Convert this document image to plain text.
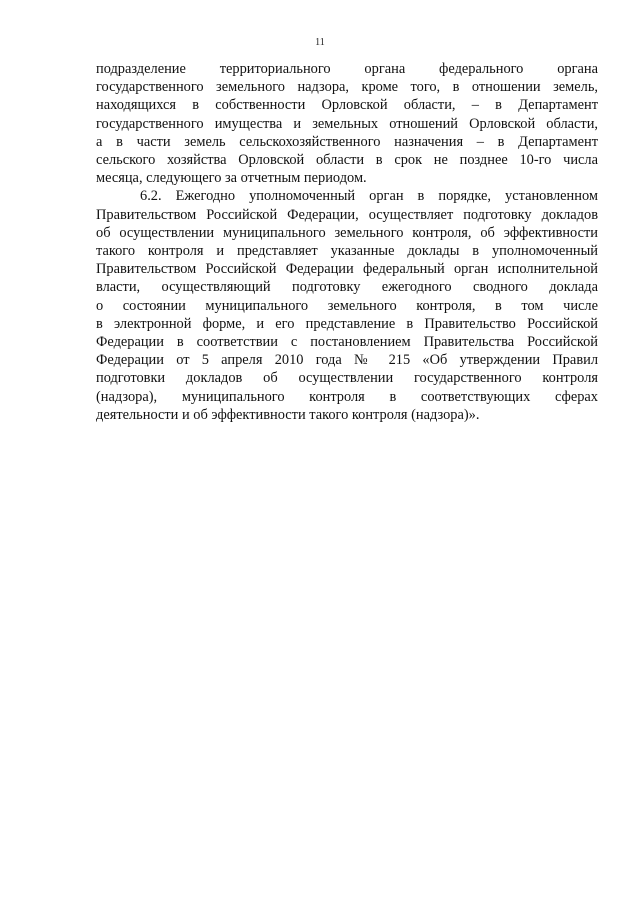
11
подразделение территориального органа федерального органа
государственного земельного надзора, кроме того, в отношении земель,
находящихся в собственности Орловской области, – в Департамент
государственного имущества и земельных отношений Орловской области,
а в части земель сельскохозяйственного назначения – в Департамент
сельского хозяйства Орловской области в срок не позднее 10-го числа
месяца, следующего за отчетным периодом.
6.2. Ежегодно уполномоченный орган в порядке, установленном
Правительством Российской Федерации, осуществляет подготовку докладов
об осуществлении муниципального земельного контроля, об эффективности
такого контроля и представляет указанные доклады в уполномоченный
Правительством Российской Федерации федеральный орган исполнительной
власти, осуществляющий подготовку ежегодного сводного доклада
о состоянии муниципального земельного контроля, в том числе
в электронной форме, и его представление в Правительство Российской
Федерации в соответствии с постановлением Правительства Российской
Федерации от 5 апреля 2010 года № 215 «Об утверждении Правил
подготовки докладов об осуществлении государственного контроля
(надзора), муниципального контроля в соответствующих сферах
деятельности и об эффективности такого контроля (надзора)».
